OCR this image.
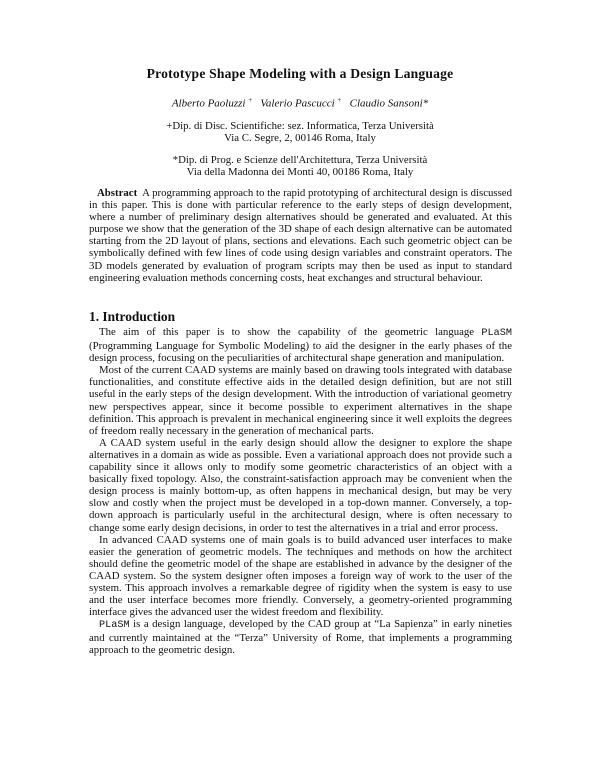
Prototype Shape Modeling with a Design Language
Alberto Paoluzzi + Valerio Pascucci + Claudio Sansoni*
+Dip. di Disc. Scientifiche: sez. Informatica, Terza Università
Via C. Segre, 2, 00146 Roma, Italy
*Dip. di Prog. e Scienze dell'Architettura, Terza Università
Via della Madonna dei Monti 40, 00186 Roma, Italy
Abstract A programming approach to the rapid prototyping of architectural design is discussed in this paper. This is done with particular reference to the early steps of design development, where a number of preliminary design alternatives should be generated and evaluated. At this purpose we show that the generation of the 3D shape of each design alternative can be automated starting from the 2D layout of plans, sections and elevations. Each such geometric object can be symbolically defined with few lines of code using design variables and constraint operators. The 3D models generated by evaluation of program scripts may then be used as input to standard engineering evaluation methods concerning costs, heat exchanges and structural behaviour.
1. Introduction

The aim of this paper is to show the capability of the geometric language PLaSM (Programming Language for Symbolic Modeling) to aid the designer in the early phases of the design process, focusing on the peculiarities of architectural shape generation and manipulation.

Most of the current CAAD systems are mainly based on drawing tools integrated with database functionalities, and constitute effective aids in the detailed design definition, but are not still useful in the early steps of the design development. With the introduction of variational geometry new perspectives appear, since it become possible to experiment alternatives in the shape definition. This approach is prevalent in mechanical engineering since it well exploits the degrees of freedom really necessary in the generation of mechanical parts.

A CAAD system useful in the early design should allow the designer to explore the shape alternatives in a domain as wide as possible. Even a variational approach does not provide such a capability since it allows only to modify some geometric characteristics of an object with a basically fixed topology. Also, the constraint-satisfaction approach may be convenient when the design process is mainly bottom-up, as often happens in mechanical design, but may be very slow and costly when the project must be developed in a top-down manner. Conversely, a top-down approach is particularly useful in the architectural design, where is often necessary to change some early design decisions, in order to test the alternatives in a trial and error process.

In advanced CAAD systems one of main goals is to build advanced user interfaces to make easier the generation of geometric models. The techniques and methods on how the architect should define the geometric model of the shape are established in advance by the designer of the CAAD system. So the system designer often imposes a foreign way of work to the user of the system. This approach involves a remarkable degree of rigidity when the system is easy to use and the user interface becomes more friendly. Conversely, a geometry-oriented programming interface gives the advanced user the widest freedom and flexibility.

PLaSM is a design language, developed by the CAD group at “La Sapienza” in early nineties and currently maintained at the “Terza” University of Rome, that implements a programming approach to the geometric design.
